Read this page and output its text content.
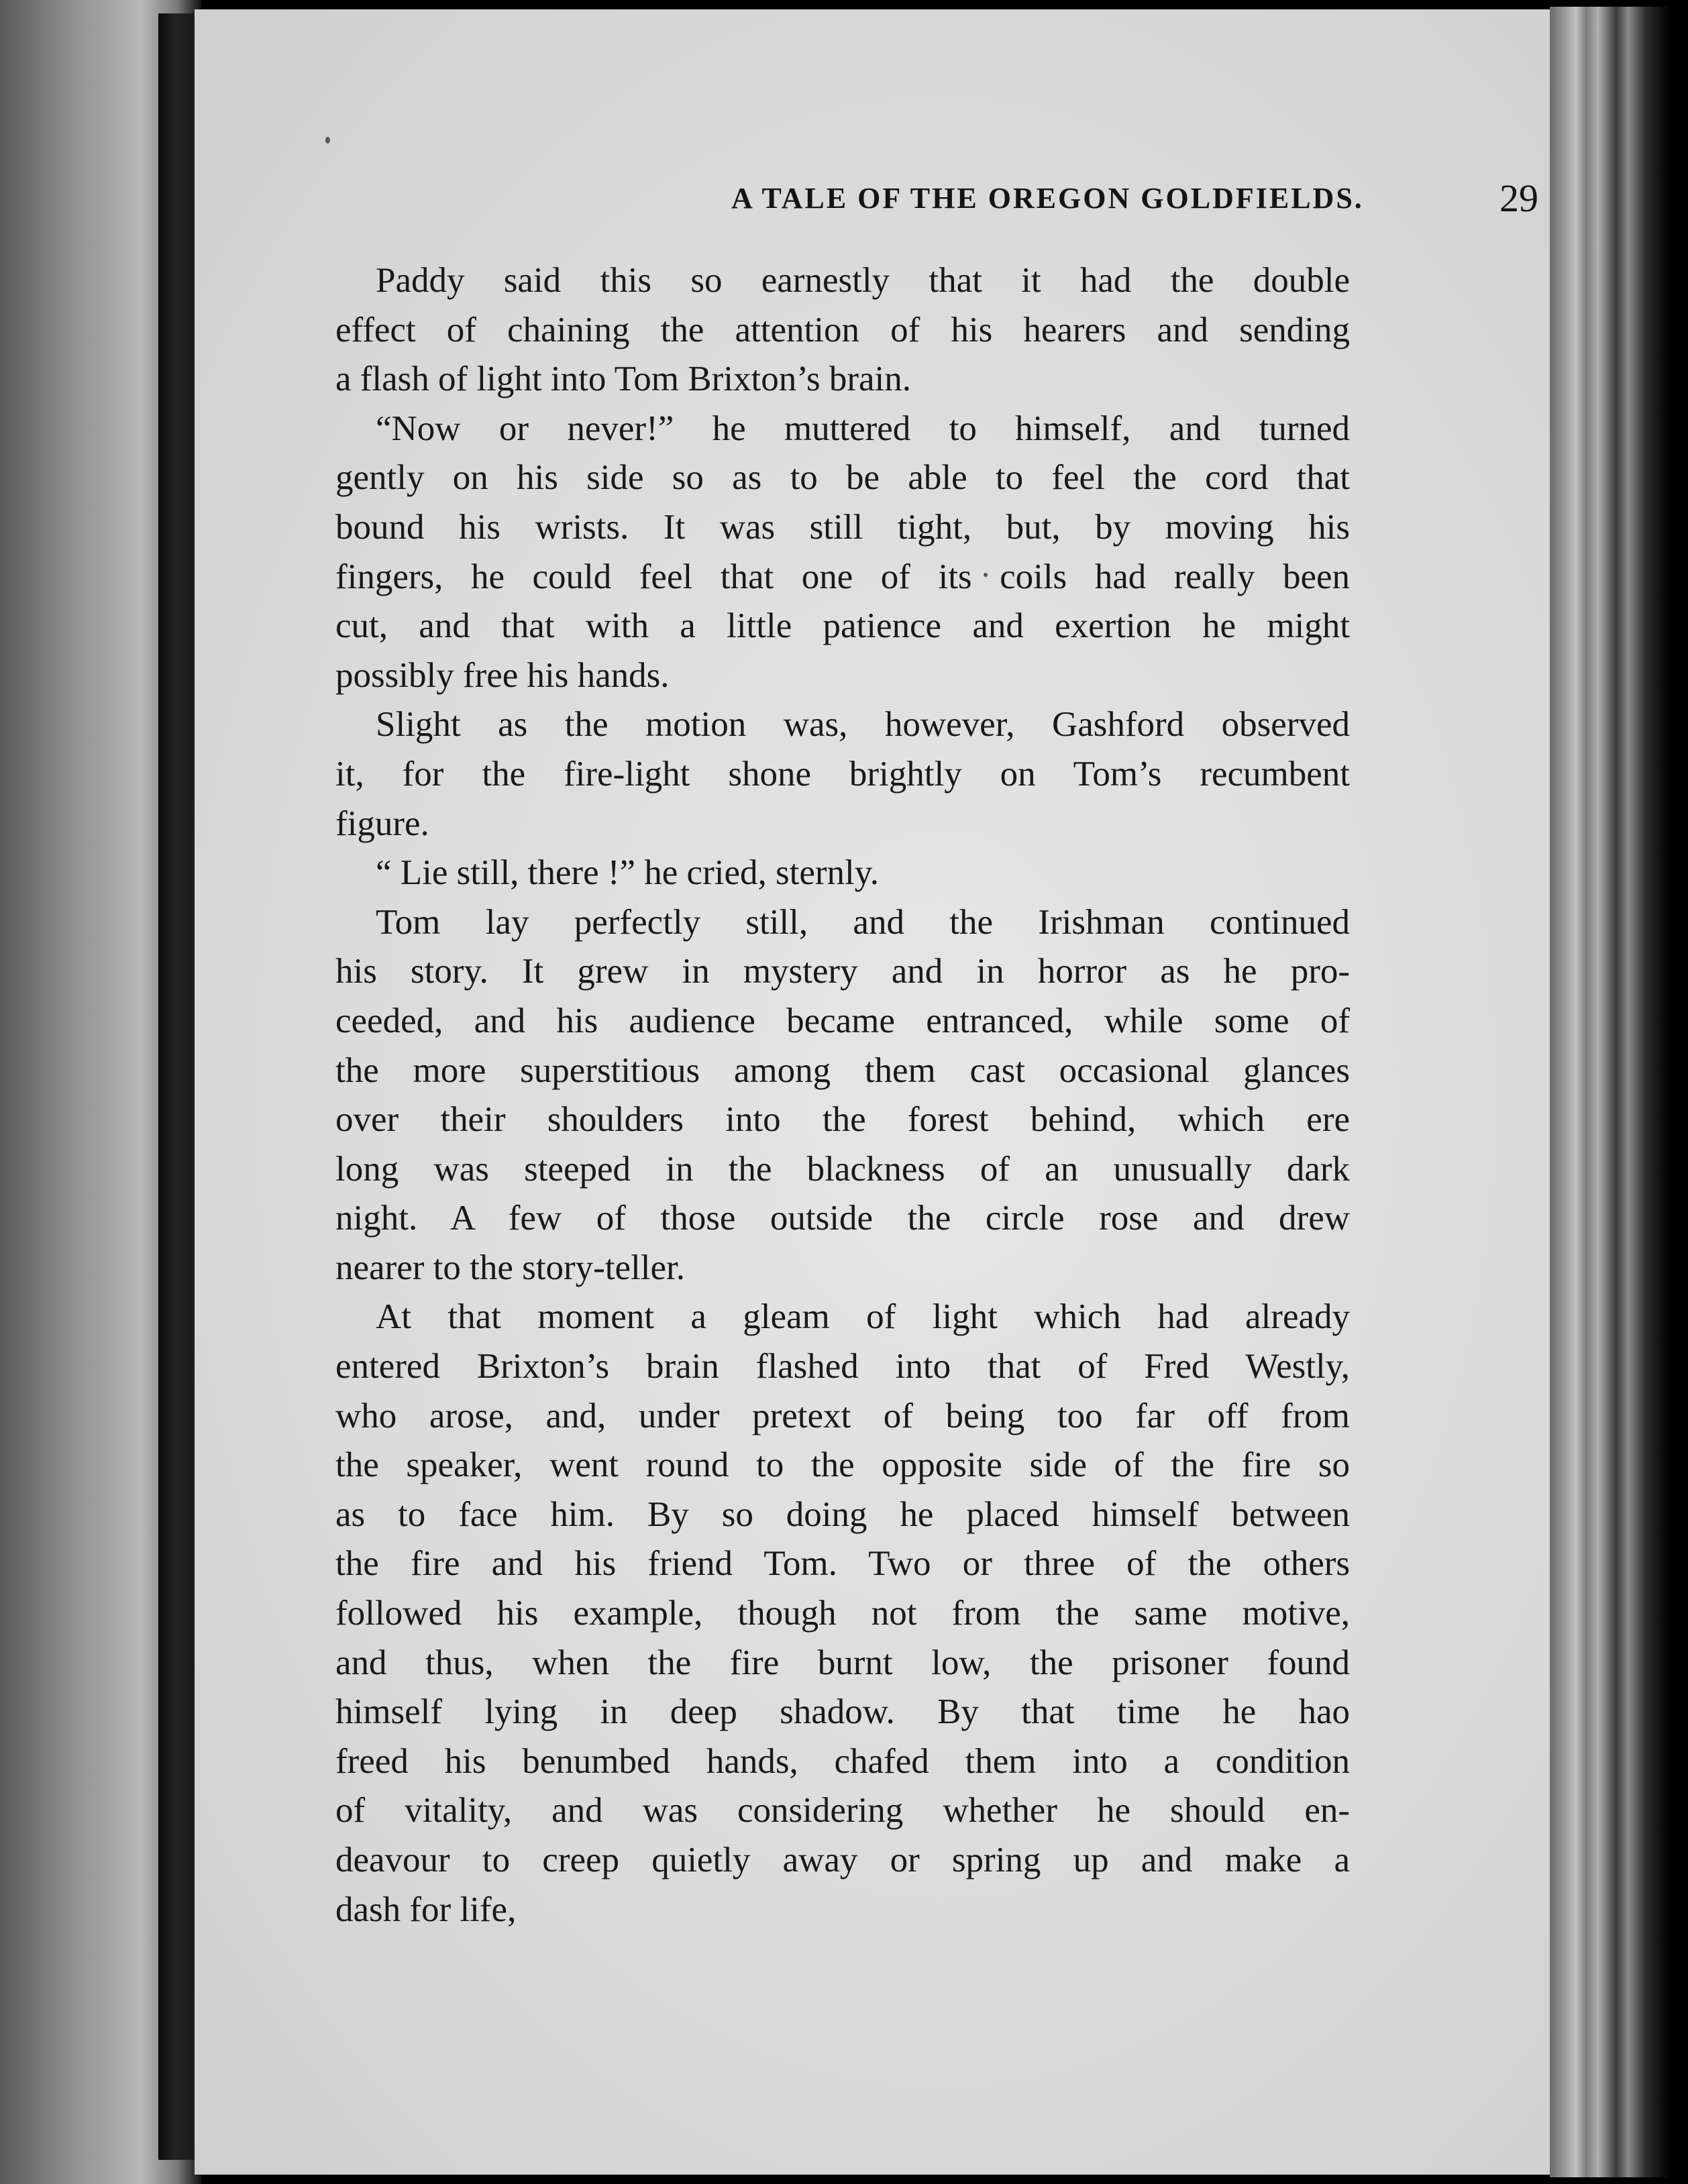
A TALE OF THE OREGON GOLDFIELDS.	29
Paddy said this so earnestly that it had the double
effect of chaining the attention of his hearers and sending
a flash of light into Tom Brixton’s brain.
“Now or never!” he muttered to himself, and turned
gently on his side so as to be able to feel the cord that
bound his wrists. It was still tight, but, by moving his
fingers, he could feel that one of its coils had really been
cut, and that with a little patience and exertion he might
possibly free his hands.
Slight as the motion was, however, Gashford observed
it, for the fire-light shone brightly on Tom’s recumbent
figure.
“ Lie still, there !” he cried, sternly.
Tom lay perfectly still, and the Irishman continued
his story. It grew in mystery and in horror as he pro-
ceeded, and his audience became entranced, while some of
the more superstitious among them cast occasional glances
over their shoulders into the forest behind, which ere
long was steeped in the blackness of an unusually dark
night. A few of those outside the circle rose and drew
nearer to the story-teller.
At that moment a gleam of light which had already
entered Brixton’s brain flashed into that of Fred Westly,
who arose, and, under pretext of being too far off from
the speaker, went round to the opposite side of the fire so
as to face him. By so doing he placed himself between
the fire and his friend Tom. Two or three of the others
followed his example, though not from the same motive,
and thus, when the fire burnt low, the prisoner found
himself lying in deep shadow. By that time he hao
freed his benumbed hands, chafed them into a condition
of vitality, and was considering whether he should en-
deavour to creep quietly away or spring up and make a
dash for life,
